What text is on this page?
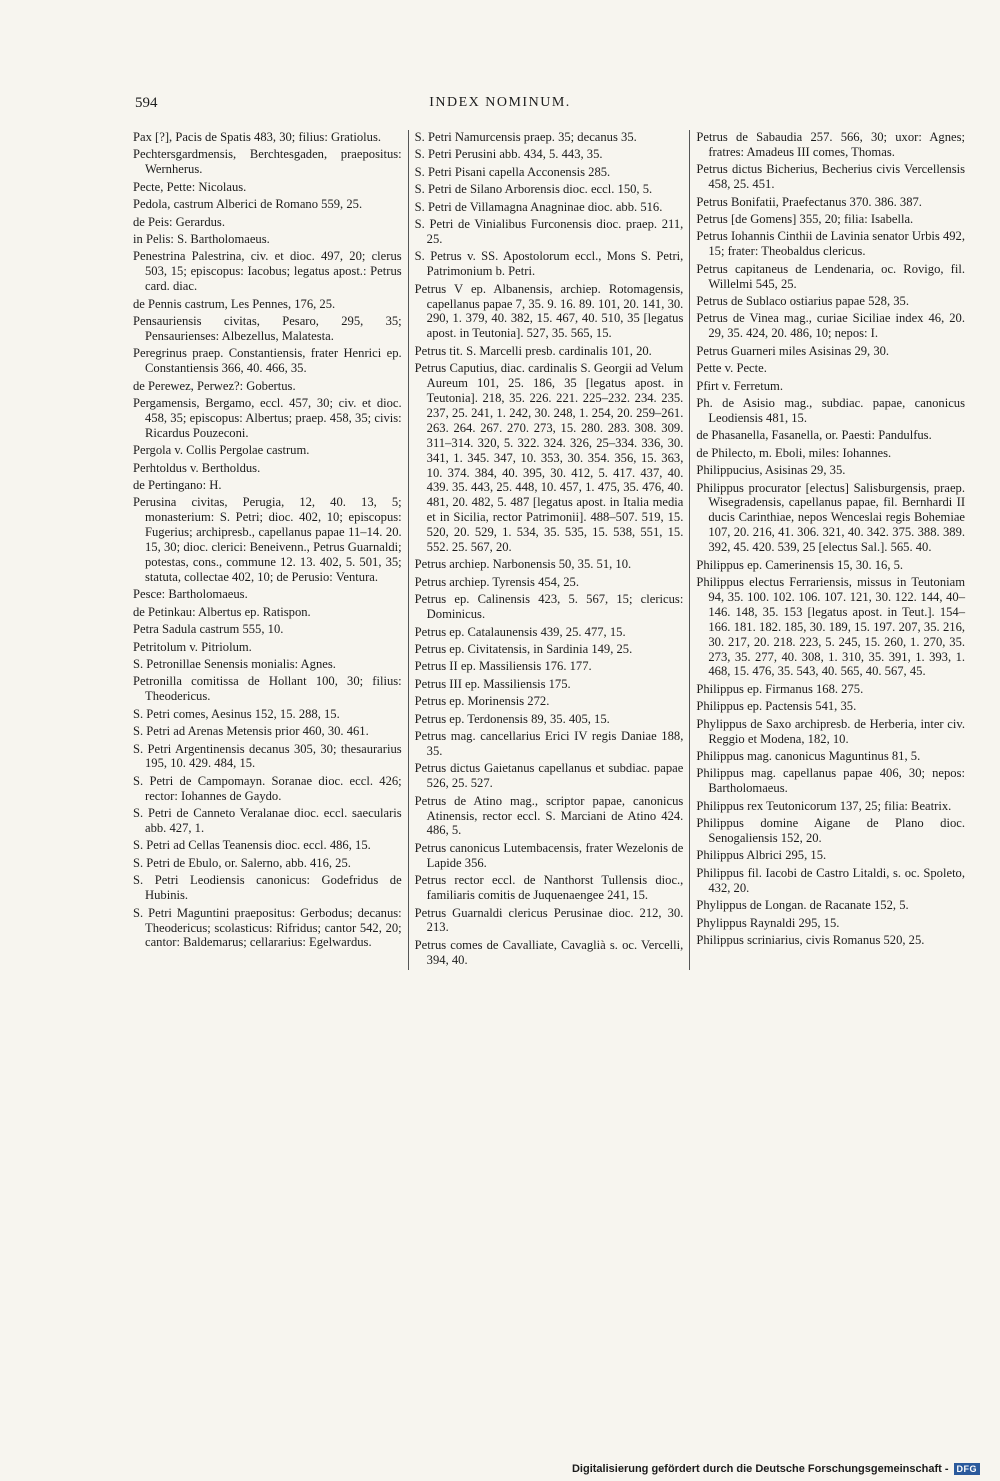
594	INDEX NOMINUM.

Pax [?], Pacis de Spatis 483, 30; filius: Gratiolus.

Pechtersgardmensis, Berchtesgaden, praepositus: Wernherus.

Pecte, Pette: Nicolaus.

Pedola, castrum Alberici de Romano 559, 25.

de Peis: Gerardus.

in Pelis: S. Bartholomaeus.

Penestrina Palestrina, civ. et dioc. 497, 20; clerus 503, 15; episcopus: Iacobus; legatus apost.: Petrus card. diac.

de Pennis castrum, Les Pennes, 176, 25.

Pensauriensis civitas, Pesaro, 295, 35; Pensaurienses: Albezellus, Malatesta.

Peregrinus praep. Constantiensis, frater Henrici ep. Constantiensis 366, 40. 466, 35.

de Perewez, Perwez?: Gobertus.

Pergamensis, Bergamo, eccl. 457, 30; civ. et dioc. 458, 35; episcopus: Albertus; praep. 458, 35; civis: Ricardus Pouzeconi.

Pergola v. Collis Pergolae castrum.

Perhtoldus v. Bertholdus.

de Pertingano: H.

Perusina civitas, Perugia, 12, 40. 13, 5; monasterium: S. Petri; dioc. 402, 10; episcopus: Fugerius; archipresb., capellanus papae 11–14. 20. 15, 30; dioc. clerici: Beneivenn., Petrus Guarnaldi; potestas, cons., commune 12. 13. 402, 5. 501, 35; statuta, collectae 402, 10; de Perusio: Ventura.

Pesce: Bartholomaeus.

de Petinkau: Albertus ep. Ratispon.

Petra Sadula castrum 555, 10.

Petritolum v. Pitriolum.

S. Petronillae Senensis monialis: Agnes.

Petronilla comitissa de Hollant 100, 30; filius: Theodericus.

S. Petri comes, Aesinus 152, 15. 288, 15.

S. Petri ad Arenas Metensis prior 460, 30. 461.

S. Petri Argentinensis decanus 305, 30; thesaurarius 195, 10. 429. 484, 15.

S. Petri de Campomayn. Soranae dioc. eccl. 426; rector: Iohannes de Gaydo.

S. Petri de Canneto Veralanae dioc. eccl. saecularis abb. 427, 1.

S. Petri ad Cellas Teanensis dioc. eccl. 486, 15.

S. Petri de Ebulo, or. Salerno, abb. 416, 25.

S. Petri Leodiensis canonicus: Godefridus de Hubinis.

S. Petri Maguntini praepositus: Gerbodus; decanus: Theodericus; scolasticus: Rifridus; cantor 542, 20; cantor: Baldemarus; cellararius: Egelwardus.

S. Petri Namurcensis praep. 35; decanus 35.

S. Petri Perusini abb. 434, 5. 443, 35.

S. Petri Pisani capella Acconensis 285.

S. Petri de Silano Arborensis dioc. eccl. 150, 5.

S. Petri de Villamagna Anagninae dioc. abb. 516.

S. Petri de Vinialibus Furconensis dioc. praep. 211, 25.

S. Petrus v. SS. Apostolorum eccl., Mons S. Petri, Patrimonium b. Petri.

Petrus V ep. Albanensis, archiep. Rotomagensis, capellanus papae 7, 35. 9. 16. 89. 101, 20. 141, 30. 290, 1. 379, 40. 382, 15. 467, 40. 510, 35 [legatus apost. in Teutonia]. 527, 35. 565, 15.

Petrus tit. S. Marcelli presb. cardinalis 101, 20.

Petrus Caputius, diac. cardinalis S. Georgii ad Velum Aureum 101, 25. 186, 35 [legatus apost. in Teutonia]. 218, 35. 226. 221. 225–232. 234. 235. 237, 25. 241, 1. 242, 30. 248, 1. 254, 20. 259–261. 263. 264. 267. 270. 273, 15. 280. 283. 308. 309. 311–314. 320, 5. 322. 324. 326, 25–334. 336, 30. 341, 1. 345. 347, 10. 353, 30. 354. 356, 15. 363, 10. 374. 384, 40. 395, 30. 412, 5. 417. 437, 40. 439. 35. 443, 25. 448, 10. 457, 1. 475, 35. 476, 40. 481, 20. 482, 5. 487 [legatus apost. in Italia media et in Sicilia, rector Patrimonii]. 488–507. 519, 15. 520, 20. 529, 1. 534, 35. 535, 15. 538, 551, 15. 552. 25. 567, 20.

Petrus archiep. Narbonensis 50, 35. 51, 10.

Petrus archiep. Tyrensis 454, 25.

Petrus ep. Calinensis 423, 5. 567, 15; clericus: Dominicus.

Petrus ep. Catalaunensis 439, 25. 477, 15.

Petrus ep. Civitatensis, in Sardinia 149, 25.

Petrus II ep. Massiliensis 176. 177.

Petrus III ep. Massiliensis 175.

Petrus ep. Morinensis 272.

Petrus ep. Terdonensis 89, 35. 405, 15.

Petrus mag. cancellarius Erici IV regis Daniae 188, 35.

Petrus dictus Gaietanus capellanus et subdiac. papae 526, 25. 527.

Petrus de Atino mag., scriptor papae, canonicus Atinensis, rector eccl. S. Marciani de Atino 424. 486, 5.

Petrus canonicus Lutembacensis, frater Wezelonis de Lapide 356.

Petrus rector eccl. de Nanthorst Tullensis dioc., familiaris comitis de Juquenaengee 241, 15.

Petrus Guarnaldi clericus Perusinae dioc. 212, 30. 213.

Petrus comes de Cavalliate, Cavaglià s. oc. Vercelli, 394, 40.

Petrus de Sabaudia 257. 566, 30; uxor: Agnes; fratres: Amadeus III comes, Thomas.

Petrus dictus Bicherius, Becherius civis Vercellensis 458, 25. 451.

Petrus Bonifatii, Praefectanus 370. 386. 387.

Petrus [de Gomens] 355, 20; filia: Isabella.

Petrus Iohannis Cinthii de Lavinia senator Urbis 492, 15; frater: Theobaldus clericus.

Petrus capitaneus de Lendenaria, oc. Rovigo, fil. Willelmi 545, 25.

Petrus de Sublaco ostiarius papae 528, 35.

Petrus de Vinea mag., curiae Siciliae index 46, 20. 29, 35. 424, 20. 486, 10; nepos: I.

Petrus Guarneri miles Asisinas 29, 30.

Pette v. Pecte.

Pfirt v. Ferretum.

Ph. de Asisio mag., subdiac. papae, canonicus Leodiensis 481, 15.

de Phasanella, Fasanella, or. Paesti: Pandulfus.

de Philecto, m. Eboli, miles: Iohannes.

Philippucius, Asisinas 29, 35.

Philippus procurator [electus] Salisburgensis, praep. Wisegradensis, capellanus papae, fil. Bernhardi II ducis Carinthiae, nepos Wenceslai regis Bohemiae 107, 20. 216, 41. 306. 321, 40. 342. 375. 388. 389. 392, 45. 420. 539, 25 [electus Sal.]. 565. 40.

Philippus ep. Camerinensis 15, 30. 16, 5.

Philippus electus Ferrariensis, missus in Teutoniam 94, 35. 100. 102. 106. 107. 121, 30. 122. 144, 40–146. 148, 35. 153 [legatus apost. in Teut.]. 154–166. 181. 182. 185, 30. 189, 15. 197. 207, 35. 216, 30. 217, 20. 218. 223, 5. 245, 15. 260, 1. 270, 35. 273, 35. 277, 40. 308, 1. 310, 35. 391, 1. 393, 1. 468, 15. 476, 35. 543, 40. 565, 40. 567, 45.

Philippus ep. Firmanus 168. 275.

Philippus ep. Pactensis 541, 35.

Phylippus de Saxo archipresb. de Herberia, inter civ. Reggio et Modena, 182, 10.

Philippus mag. canonicus Maguntinus 81, 5.

Philippus mag. capellanus papae 406, 30; nepos: Bartholomaeus.

Philippus rex Teutonicorum 137, 25; filia: Beatrix.

Philippus domine Aigane de Plano dioc. Senogaliensis 152, 20.

Philippus Albrici 295, 15.

Philippus fil. Iacobi de Castro Litaldi, s. oc. Spoleto, 432, 20.

Phylippus de Longan. de Racanate 152, 5.

Phylippus Raynaldi 295, 15.

Philippus scriniarius, civis Romanus 520, 25.

Digitalisierung gefördert durch die Deutsche Forschungsgemeinschaft - DFG
